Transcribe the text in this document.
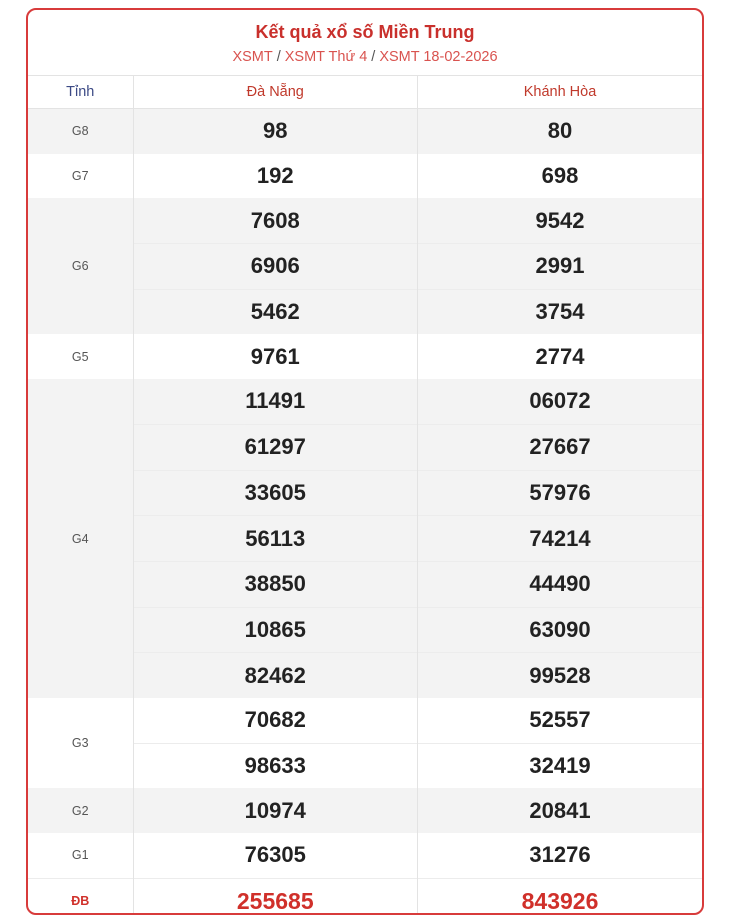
Kết quả xổ số Miền Trung
XSMT / XSMT Thứ 4 / XSMT 18-02-2026
Tỉnh	Đà Nẵng	Khánh Hòa
G8	98	80
G7	192	698
G6	7608	9542
	6906	2991
	5462	3754
G5	9761	2774
G4	11491	06072
	61297	27667
	33605	57976
	56113	74214
	38850	44490
	10865	63090
	82462	99528
G3	70682	52557
	98633	32419
G2	10974	20841
G1	76305	31276
ĐB	255685	843926
